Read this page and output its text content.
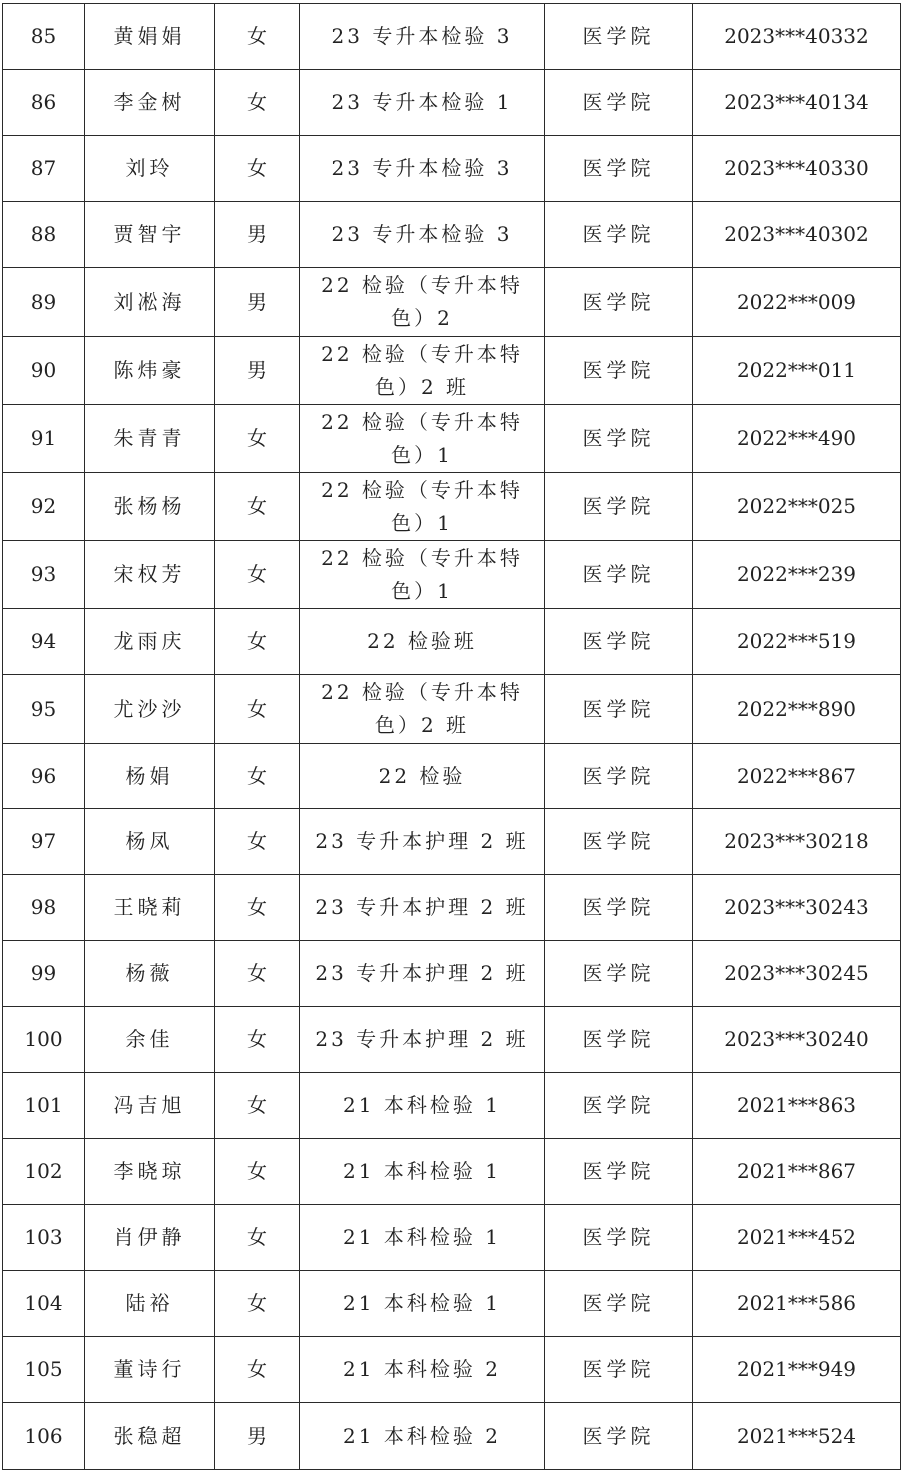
85	黄娟娟	女	23 专升本检验 3	医学院	2023***40332
86	李金树	女	23 专升本检验 1	医学院	2023***40134
87	刘玲	女	23 专升本检验 3	医学院	2023***40330
88	贾智宇	男	23 专升本检验 3	医学院	2023***40302
89	刘凇海	男	22 检验（专升本特色）2	医学院	2022***009
90	陈炜豪	男	22 检验（专升本特色）2 班	医学院	2022***011
91	朱青青	女	22 检验（专升本特色）1	医学院	2022***490
92	张杨杨	女	22 检验（专升本特色）1	医学院	2022***025
93	宋权芳	女	22 检验（专升本特色）1	医学院	2022***239
94	龙雨庆	女	22 检验班	医学院	2022***519
95	尤沙沙	女	22 检验（专升本特色）2 班	医学院	2022***890
96	杨娟	女	22 检验	医学院	2022***867
97	杨凤	女	23 专升本护理 2 班	医学院	2023***30218
98	王晓莉	女	23 专升本护理 2 班	医学院	2023***30243
99	杨薇	女	23 专升本护理 2 班	医学院	2023***30245
100	余佳	女	23 专升本护理 2 班	医学院	2023***30240
101	冯吉旭	女	21 本科检验 1	医学院	2021***863
102	李晓琼	女	21 本科检验 1	医学院	2021***867
103	肖伊静	女	21 本科检验 1	医学院	2021***452
104	陆裕	女	21 本科检验 1	医学院	2021***586
105	董诗行	女	21 本科检验 2	医学院	2021***949
106	张稳超	男	21 本科检验 2	医学院	2021***524
